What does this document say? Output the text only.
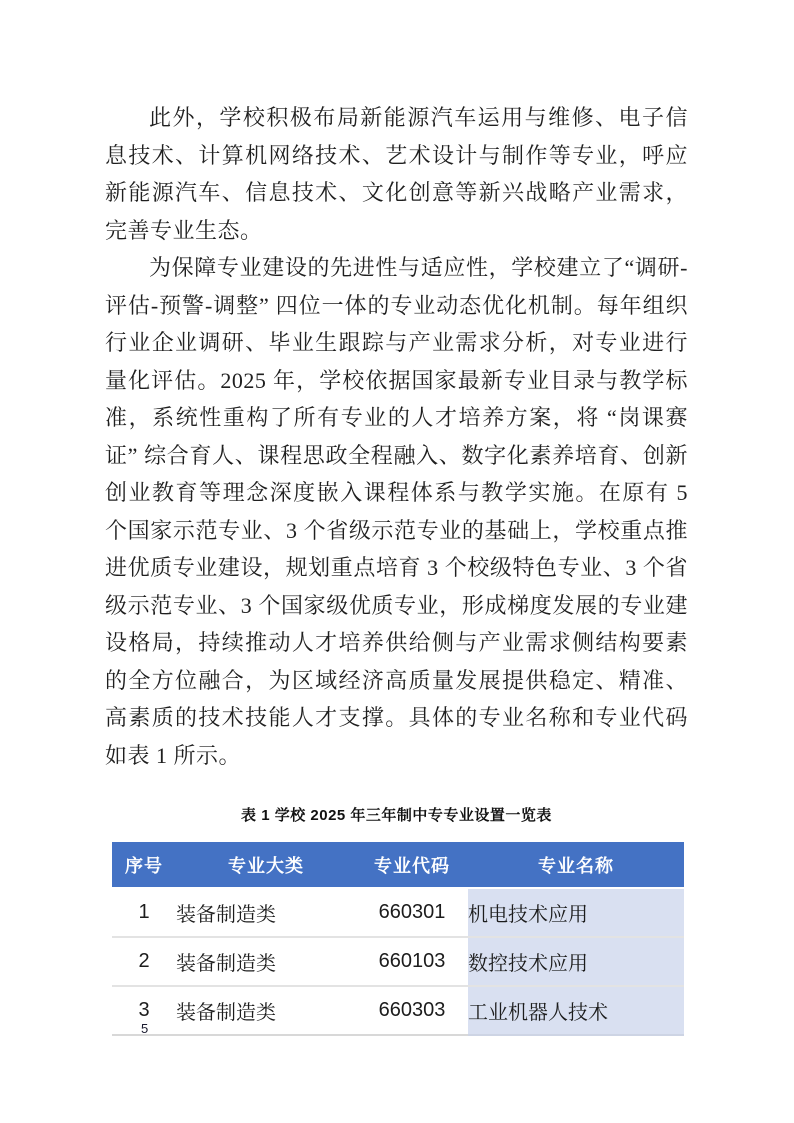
此外，学校积极布局新能源汽车运用与维修、电子信息技术、计算机网络技术、艺术设计与制作等专业，呼应新能源汽车、信息技术、文化创意等新兴战略产业需求，完善专业生态。

为保障专业建设的先进性与适应性，学校建立了“调研-评估-预警-调整” 四位一体的专业动态优化机制。每年组织行业企业调研、毕业生跟踪与产业需求分析，对专业进行量化评估。2025 年，学校依据国家最新专业目录与教学标准，系统性重构了所有专业的人才培养方案，将 “岗课赛证” 综合育人、课程思政全程融入、数字化素养培育、创新创业教育等理念深度嵌入课程体系与教学实施。在原有 5 个国家示范专业、3 个省级示范专业的基础上，学校重点推进优质专业建设，规划重点培育 3 个校级特色专业、3 个省级示范专业、3 个国家级优质专业，形成梯度发展的专业建设格局，持续推动人才培养供给侧与产业需求侧结构要素的全方位融合，为区域经济高质量发展提供稳定、精准、高素质的技术技能人才支撑。具体的专业名称和专业代码如表 1 所示。

表 1 学校 2025 年三年制中专专业设置一览表
序号	专业大类	专业代码	专业名称
1	装备制造类	660301	机电技术应用
2	装备制造类	660103	数控技术应用
3	装备制造类	660303	工业机器人技术
5
